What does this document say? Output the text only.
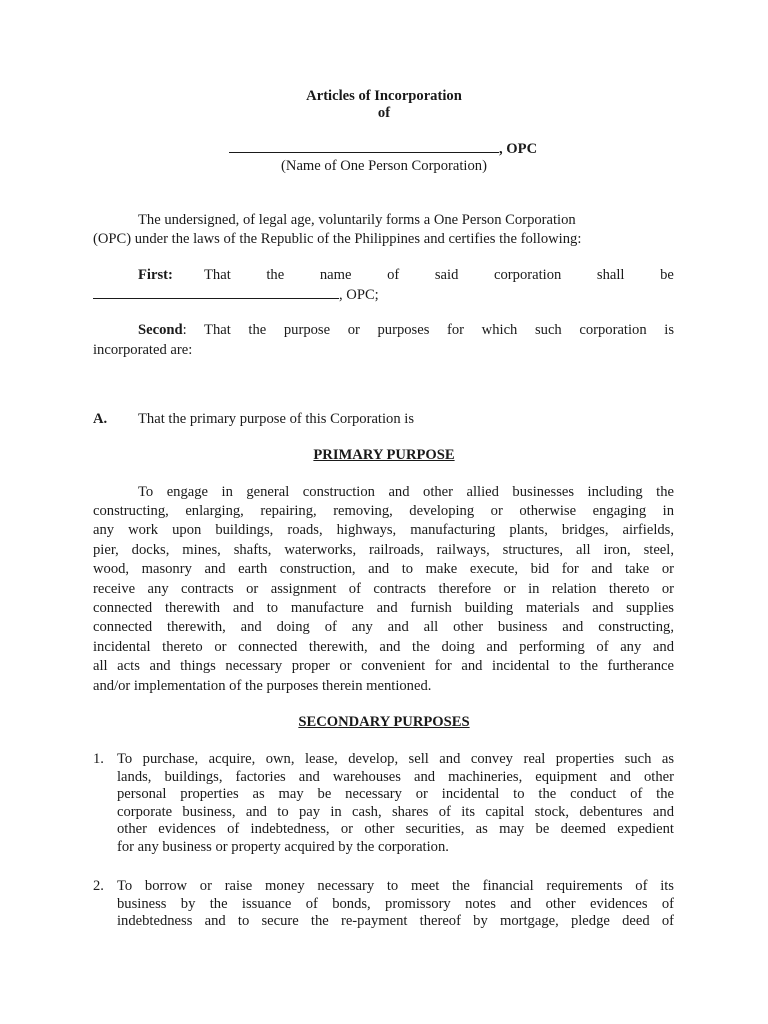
Articles of Incorporation
of
, OPC
(Name of One Person Corporation)
The undersigned, of legal age, voluntarily forms a One Person Corporation
(OPC) under the laws of the Republic of the Philippines and certifies the following:
First: That the name of said corporation shall be
, OPC;
Second : That the purpose or purposes for which such corporation is
incorporated are:
A. That the primary purpose of this Corporation is
PRIMARY PURPOSE
To engage in general construction and other allied businesses including the
constructing, enlarging, repairing, removing, developing or otherwise engaging in
any work upon buildings, roads, highways, manufacturing plants, bridges, airfields,
pier, docks, mines, shafts, waterworks, railroads, railways, structures, all iron, steel,
wood, masonry and earth construction, and to make execute, bid for and take or
receive any contracts or assignment of contracts therefore or in relation thereto or
connected therewith and to manufacture and furnish building materials and supplies
connected therewith, and doing of any and all other business and constructing,
incidental thereto or connected therewith, and the doing and performing of any and
all acts and things necessary proper or convenient for and incidental to the furtherance
and/or implementation of the purposes therein mentioned.
SECONDARY PURPOSES
1. To purchase, acquire, own, lease, develop, sell and convey real properties such as
lands, buildings, factories and warehouses and machineries, equipment and other
personal properties as may be necessary or incidental to the conduct of the
corporate business, and to pay in cash, shares of its capital stock, debentures and
other evidences of indebtedness, or other securities, as may be deemed expedient
for any business or property acquired by the corporation.
2. To borrow or raise money necessary to meet the financial requirements of its
business by the issuance of bonds, promissory notes and other evidences of
indebtedness and to secure the re-payment thereof by mortgage, pledge deed of
